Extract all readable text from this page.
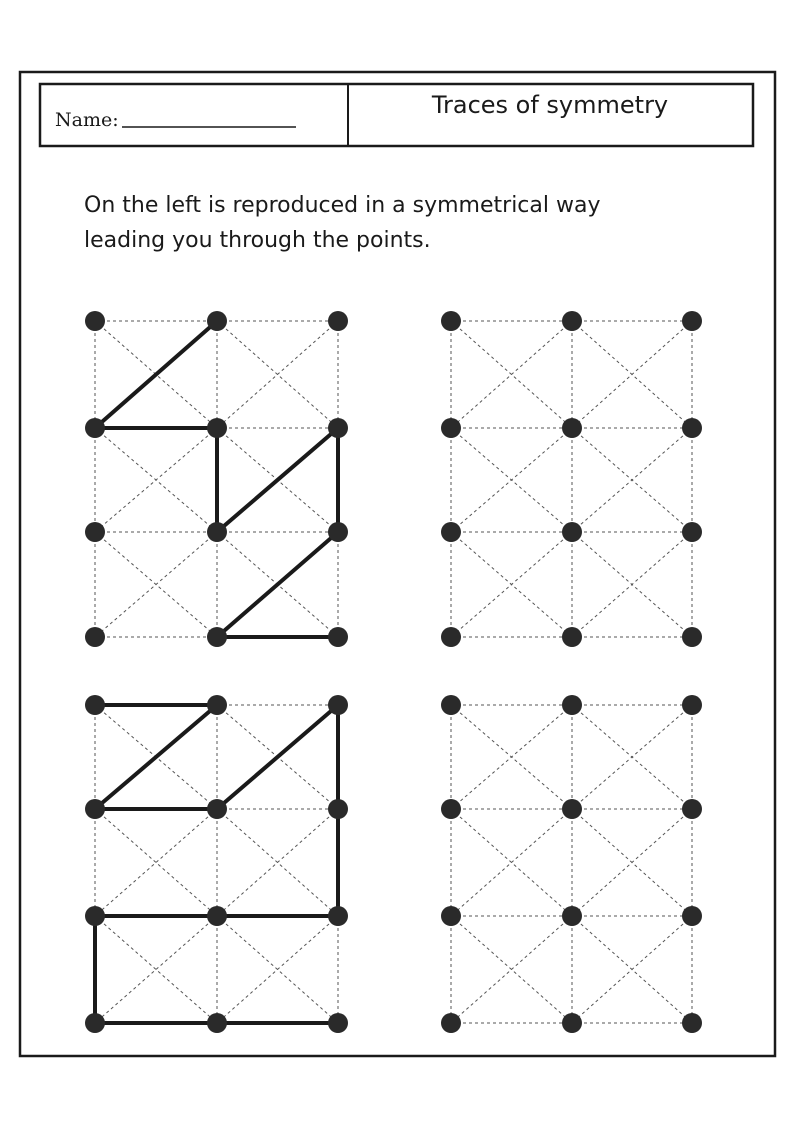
Name:
Traces of symmetry
On the left is reproduced in a symmetrical way
leading you through the points.
